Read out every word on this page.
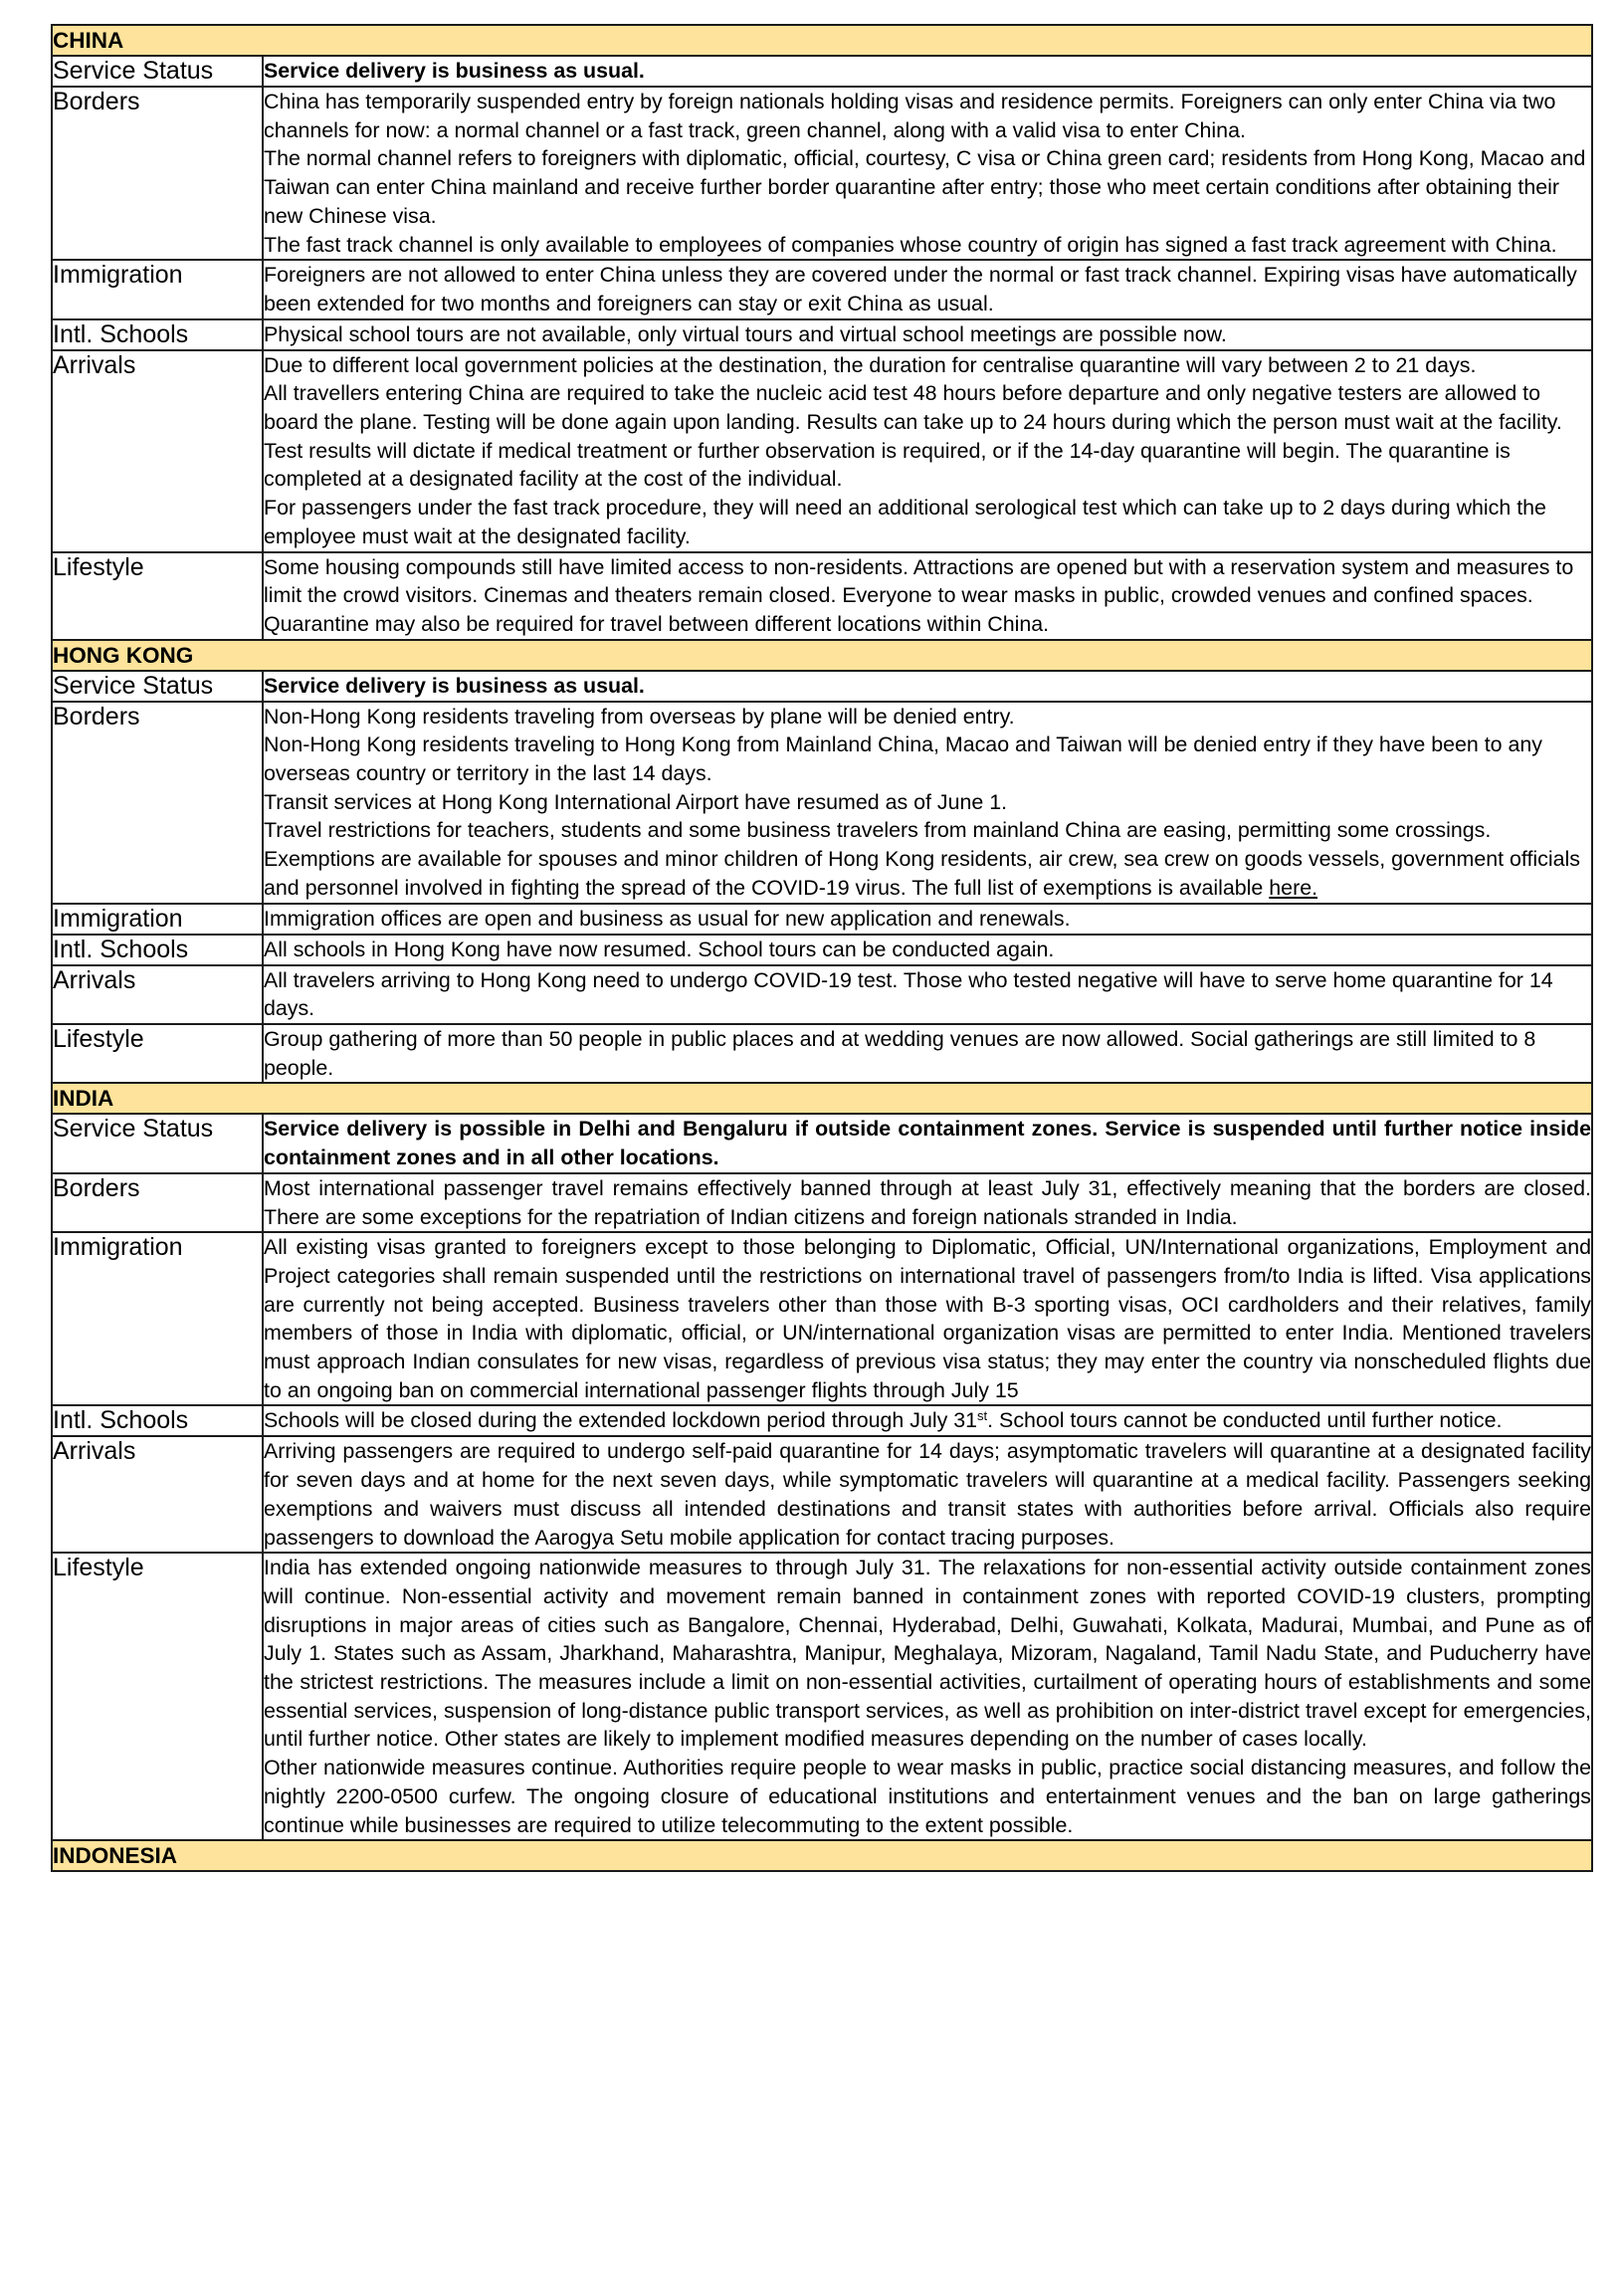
CHINA	
Service Status	Service delivery is business as usual.

Borders	China has temporarily suspended entry by foreign nationals holding visas and residence permits. Foreigners can only enter China via two channels for now: a normal channel or a fast track, green channel, along with a valid visa to enter China.
The normal channel refers to foreigners with diplomatic, official, courtesy, C visa or China green card; residents from Hong Kong, Macao and Taiwan can enter China mainland and receive further border quarantine after entry; those who meet certain conditions after obtaining their new Chinese visa.
The fast track channel is only available to employees of companies whose country of origin has signed a fast track agreement with China.

Immigration	Foreigners are not allowed to enter China unless they are covered under the normal or fast track channel. Expiring visas have automatically been extended for two months and foreigners can stay or exit China as usual.

Intl. Schools	Physical school tours are not available, only virtual tours and virtual school meetings are possible now.

Arrivals	Due to different local government policies at the destination, the duration for centralise quarantine will vary between 2 to 21 days.
All travellers entering China are required to take the nucleic acid test 48 hours before departure and only negative testers are allowed to board the plane. Testing will be done again upon landing. Results can take up to 24 hours during which the person must wait at the facility. Test results will dictate if medical treatment or further observation is required, or if the 14-day quarantine will begin. The quarantine is completed at a designated facility at the cost of the individual.
For passengers under the fast track procedure, they will need an additional serological test which can take up to 2 days during which the employee must wait at the designated facility.

Lifestyle	Some housing compounds still have limited access to non-residents. Attractions are opened but with a reservation system and measures to limit the crowd visitors. Cinemas and theaters remain closed. Everyone to wear masks in public, crowded venues and confined spaces. Quarantine may also be required for travel between different locations within China.

HONG KONG	
Service Status	Service delivery is business as usual.

Borders	Non-Hong Kong residents traveling from overseas by plane will be denied entry.
Non-Hong Kong residents traveling to Hong Kong from Mainland China, Macao and Taiwan will be denied entry if they have been to any overseas country or territory in the last 14 days.
Transit services at Hong Kong International Airport have resumed as of June 1.
Travel restrictions for teachers, students and some business travelers from mainland China are easing, permitting some crossings.
Exemptions are available for spouses and minor children of Hong Kong residents, air crew, sea crew on goods vessels, government officials and personnel involved in fighting the spread of the COVID-19 virus. The full list of exemptions is available here.

Immigration	Immigration offices are open and business as usual for new application and renewals.

Intl. Schools	All schools in Hong Kong have now resumed. School tours can be conducted again.

Arrivals	All travelers arriving to Hong Kong need to undergo COVID-19 test. Those who tested negative will have to serve home quarantine for 14 days.

Lifestyle	Group gathering of more than 50 people in public places and at wedding venues are now allowed. Social gatherings are still limited to 8 people.

INDIA	
Service Status	Service delivery is possible in Delhi and Bengaluru if outside containment zones. Service is suspended until further notice inside containment zones and in all other locations.

Borders	Most international passenger travel remains effectively banned through at least July 31, effectively meaning that the borders are closed. There are some exceptions for the repatriation of Indian citizens and foreign nationals stranded in India.

Immigration	All existing visas granted to foreigners except to those belonging to Diplomatic, Official, UN/International organizations, Employment and Project categories shall remain suspended until the restrictions on international travel of passengers from/to India is lifted. Visa applications are currently not being accepted. Business travelers other than those with B-3 sporting visas, OCI cardholders and their relatives, family members of those in India with diplomatic, official, or UN/international organization visas are permitted to enter India. Mentioned travelers must approach Indian consulates for new visas, regardless of previous visa status; they may enter the country via nonscheduled flights due to an ongoing ban on commercial international passenger flights through July 15

Intl. Schools	Schools will be closed during the extended lockdown period through July 31st. School tours cannot be conducted until further notice.

Arrivals	Arriving passengers are required to undergo self-paid quarantine for 14 days; asymptomatic travelers will quarantine at a designated facility for seven days and at home for the next seven days, while symptomatic travelers will quarantine at a medical facility. Passengers seeking exemptions and waivers must discuss all intended destinations and transit states with authorities before arrival. Officials also require passengers to download the Aarogya Setu mobile application for contact tracing purposes.

Lifestyle	India has extended ongoing nationwide measures to through July 31. The relaxations for non-essential activity outside containment zones will continue. Non-essential activity and movement remain banned in containment zones with reported COVID-19 clusters, prompting disruptions in major areas of cities such as Bangalore, Chennai, Hyderabad, Delhi, Guwahati, Kolkata, Madurai, Mumbai, and Pune as of July 1. States such as Assam, Jharkhand, Maharashtra, Manipur, Meghalaya, Mizoram, Nagaland, Tamil Nadu State, and Puducherry have the strictest restrictions. The measures include a limit on non-essential activities, curtailment of operating hours of establishments and some essential services, suspension of long-distance public transport services, as well as prohibition on inter-district travel except for emergencies, until further notice. Other states are likely to implement modified measures depending on the number of cases locally.
Other nationwide measures continue. Authorities require people to wear masks in public, practice social distancing measures, and follow the nightly 2200-0500 curfew. The ongoing closure of educational institutions and entertainment venues and the ban on large gatherings continue while businesses are required to utilize telecommuting to the extent possible.

INDONESIA	
